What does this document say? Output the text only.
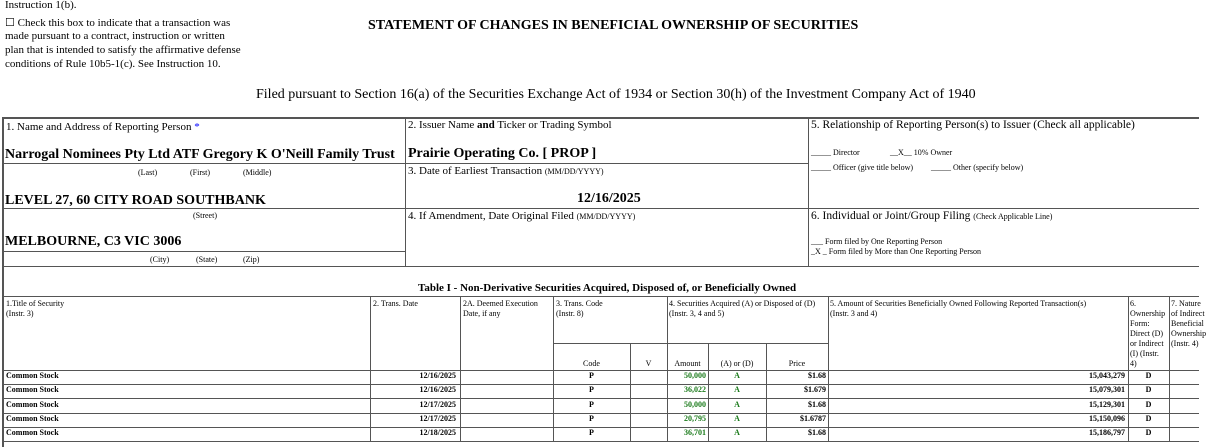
Instruction 1(b).
☐ Check this box to indicate that a transaction was
made pursuant to a contract, instruction or written
plan that is intended to satisfy the affirmative defense
conditions of Rule 10b5-1(c). See Instruction 10.
STATEMENT OF CHANGES IN BENEFICIAL OWNERSHIP OF SECURITIES
Filed pursuant to Section 16(a) of the Securities Exchange Act of 1934 or Section 30(h) of the Investment Company Act of 1940
1. Name and Address of Reporting Person *
Narrogal Nominees Pty Ltd ATF Gregory K O'Neill Family Trust
(Last)	(First)	(Middle)
LEVEL 27, 60 CITY ROAD SOUTHBANK
(Street)
MELBOURNE, C3 VIC 3006
(City)	(State)	(Zip)
2. Issuer Name and Ticker or Trading Symbol
Prairie Operating Co. [ PROP ]
3. Date of Earliest Transaction (MM/DD/YYYY)
12/16/2025
4. If Amendment, Date Original Filed (MM/DD/YYYY)
5. Relationship of Reporting Person(s) to Issuer (Check all applicable)
_____ Director	__X__ 10% Owner
_____ Officer (give title below) _____ Other (specify below)
6. Individual or Joint/Group Filing (Check Applicable Line)
___ Form filed by One Reporting Person
_X _ Form filed by More than One Reporting Person
Table I - Non-Derivative Securities Acquired, Disposed of, or Beneficially Owned
1.Title of Security
(Instr. 3)
2. Trans. Date	2A. Deemed Execution
Date, if any
3. Trans. Code
(Instr. 8)
4. Securities Acquired (A) or Disposed of (D)
(Instr. 3, 4 and 5)
5. Amount of Securities Beneficially Owned Following Reported Transaction(s)
(Instr. 3 and 4)
6.
Ownership
Form:
Direct (D)
or Indirect
(I) (Instr.
4)
7. Nature
of Indirect
Beneficial
Ownership
(Instr. 4)
Code	V	Amount	(A) or (D)	Price
Common Stock	12/16/2025	P	50,000	A	$1.68	15,043,279	D
Common Stock	12/16/2025	P	36,022	A	$1.679	15,079,301	D
Common Stock	12/17/2025	P	50,000	A	$1.68	15,129,301	D
Common Stock	12/17/2025	P	20,795	A	$1.6787	15,150,096	D
Common Stock	12/18/2025	P	36,701	A	$1.68	15,186,797	D
